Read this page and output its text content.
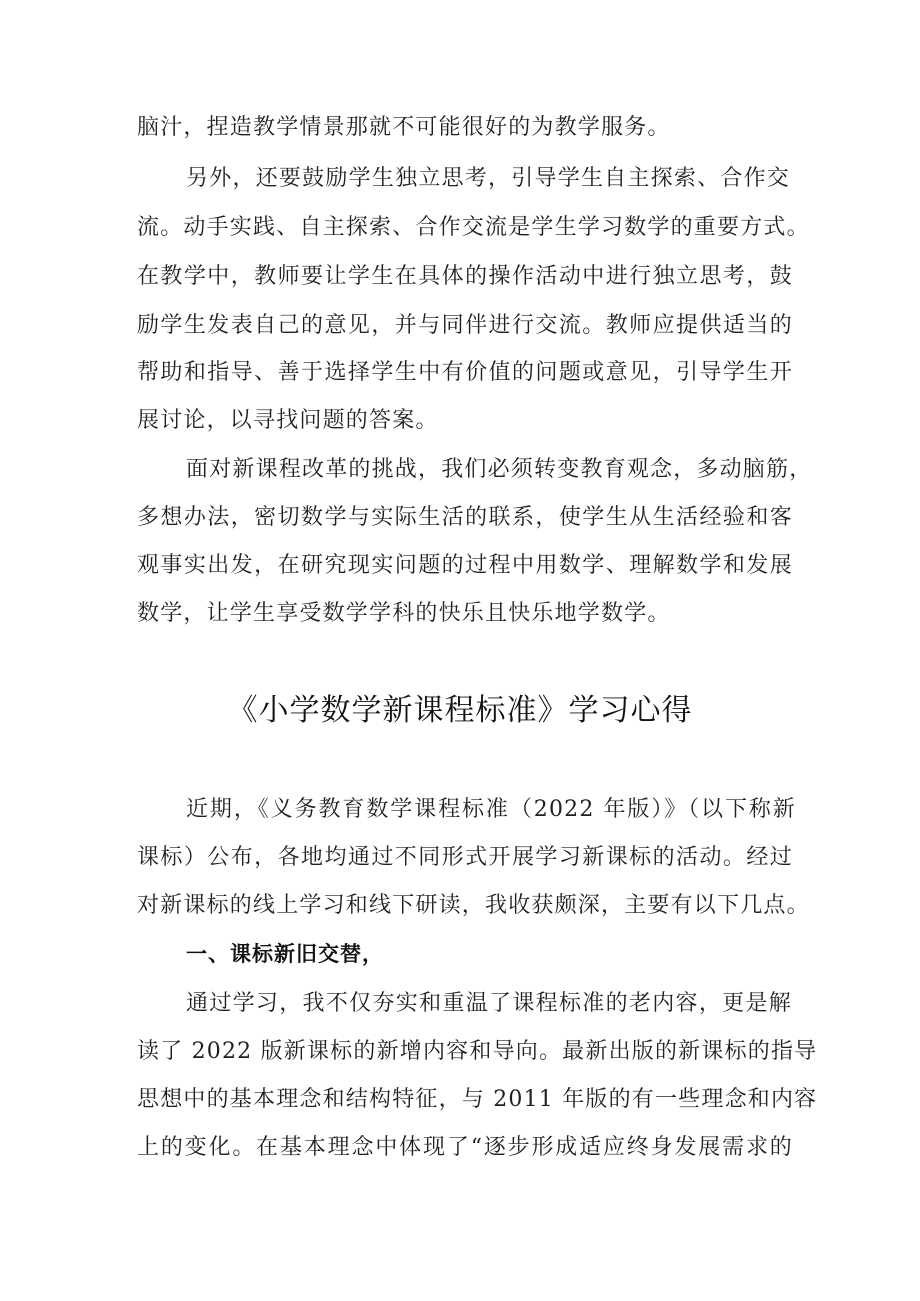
脑汁，捏造教学情景那就不可能很好的为教学服务。
另外，还要鼓励学生独立思考，引导学生自主探索、合作交
流。动手实践、自主探索、合作交流是学生学习数学的重要方式。
在教学中，教师要让学生在具体的操作活动中进行独立思考，鼓
励学生发表自己的意见，并与同伴进行交流。教师应提供适当的
帮助和指导、善于选择学生中有价值的问题或意见，引导学生开
展讨论，以寻找问题的答案。
面对新课程改革的挑战，我们必须转变教育观念，多动脑筋，
多想办法，密切数学与实际生活的联系，使学生从生活经验和客
观事实出发，在研究现实问题的过程中用数学、理解数学和发展
数学，让学生享受数学学科的快乐且快乐地学数学。
《小学数学新课程标准》学习心得
近期，《义务教育数学课程标准（2022 年版）》（以下称新
课标）公布，各地均通过不同形式开展学习新课标的活动。经过
对新课标的线上学习和线下研读，我收获颇深，主要有以下几点。
一、课标新旧交替，
通过学习，我不仅夯实和重温了课程标准的老内容，更是解
读了 2022 版新课标的新增内容和导向。最新出版的新课标的指导
思想中的基本理念和结构特征，与 2011 年版的有一些理念和内容
上的变化。在基本理念中体现了“逐步形成适应终身发展需求的
